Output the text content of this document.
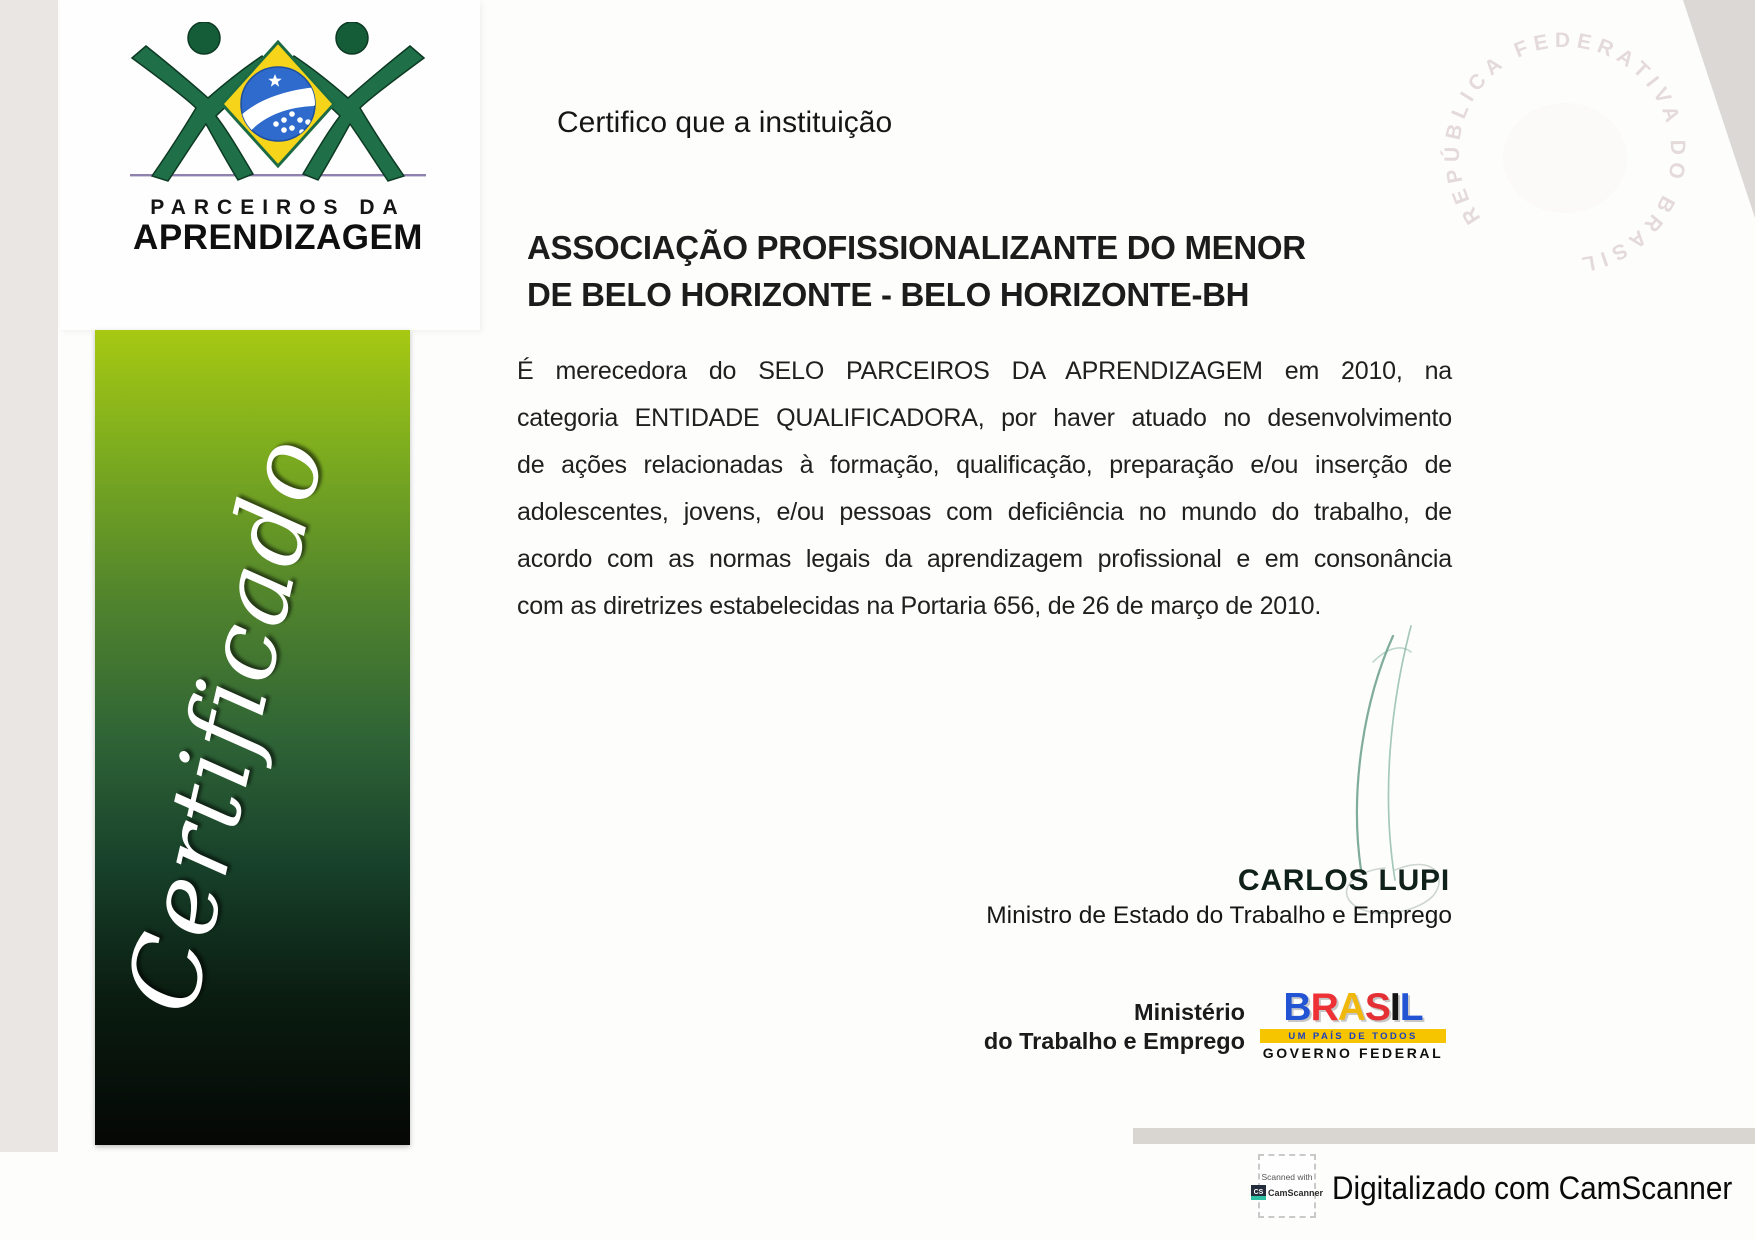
PARCEIROS DA
APRENDIZAGEM
Certificado
REPÚBLICA FEDERATIVA DO BRASIL
Certifico que a instituição
ASSOCIAÇÃO PROFISSIONALIZANTE DO MENOR
DE BELO HORIZONTE - BELO HORIZONTE-BH
É merecedora do SELO PARCEIROS DA APRENDIZAGEM em 2010, na
categoria ENTIDADE QUALIFICADORA, por haver atuado no desenvolvimento
de ações relacionadas à formação, qualificação, preparação e/ou inserção de
adolescentes, jovens, e/ou pessoas com deficiência no mundo do trabalho, de
acordo com as normas legais da aprendizagem profissional e em consonância
com as diretrizes estabelecidas na Portaria 656, de 26 de março de 2010.
CARLOS LUPI
Ministro de Estado do Trabalho e Emprego
Ministério
do Trabalho e Emprego
BRASIL
UM PAÍS DE TODOS
GOVERNO FEDERAL
Scanned with
CS CamScanner Digitalizado com CamScanner
